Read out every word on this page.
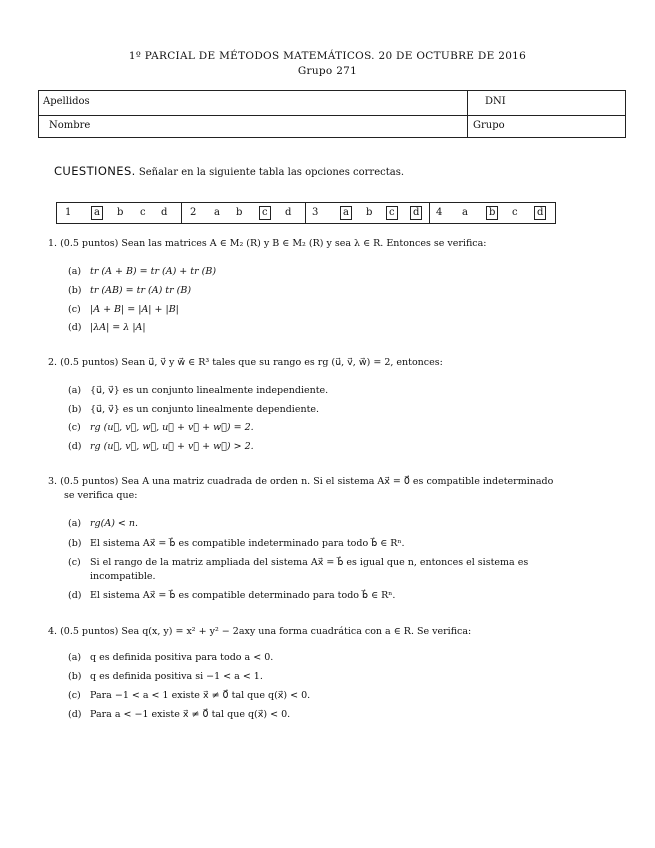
1º PARCIAL DE MÉTODOS MATEMÁTICOS. 20 DE OCTUBRE DE 2016
Grupo 271
Apellidos	DNI
Nombre	Grupo
CUESTIONES. Señalar en la siguiente tabla las opciones correctas.
1	a	b c d 2 a b	c	d 3	a	b	c	d	4 a	b	c	d
1. (0.5 puntos) Sean las matrices A ∈ M₂ (R) y B ∈ M₂ (R) y sea λ ∈ R. Entonces se verifica:
(a) tr (A + B) = tr (A) + tr (B)
(b) tr (AB) = tr (A) tr (B)
(c) |A + B| = |A| + |B|
(d) |λA| = λ |A|
2. (0.5 puntos) Sean u⃗, v⃗ y w⃗ ∈ R³ tales que su rango es rg (u⃗, v⃗, w⃗) = 2, entonces:
(a) {u⃗, v⃗} es un conjunto linealmente independiente.
(b) {u⃗, v⃗} es un conjunto linealmente dependiente.
(c) rg (u⃗, v⃗, w⃗, u⃗ + v⃗ + w⃗) = 2.
(d) rg (u⃗, v⃗, w⃗, u⃗ + v⃗ + w⃗) > 2.
3. (0.5 puntos) Sea A una matriz cuadrada de orden n. Si el sistema Ax⃗ = 0⃗ es compatible indeterminado
se verifica que:
(a) rg(A) < n.
(b) El sistema Ax⃗ = b⃗ es compatible indeterminado para todo b⃗ ∈ Rⁿ.
(c) Si el rango de la matriz ampliada del sistema Ax⃗ = b⃗ es igual que n, entonces el sistema es
incompatible.
(d) El sistema Ax⃗ = b⃗ es compatible determinado para todo b⃗ ∈ Rⁿ.
4. (0.5 puntos) Sea q(x, y) = x² + y² − 2axy una forma cuadrática con a ∈ R. Se verifica:
(a) q es definida positiva para todo a < 0.
(b) q es definida positiva si −1 < a < 1.
(c) Para −1 < a < 1 existe x⃗ ≠ 0⃗ tal que q(x⃗) < 0.
(d) Para a < −1 existe x⃗ ≠ 0⃗ tal que q(x⃗) < 0.
